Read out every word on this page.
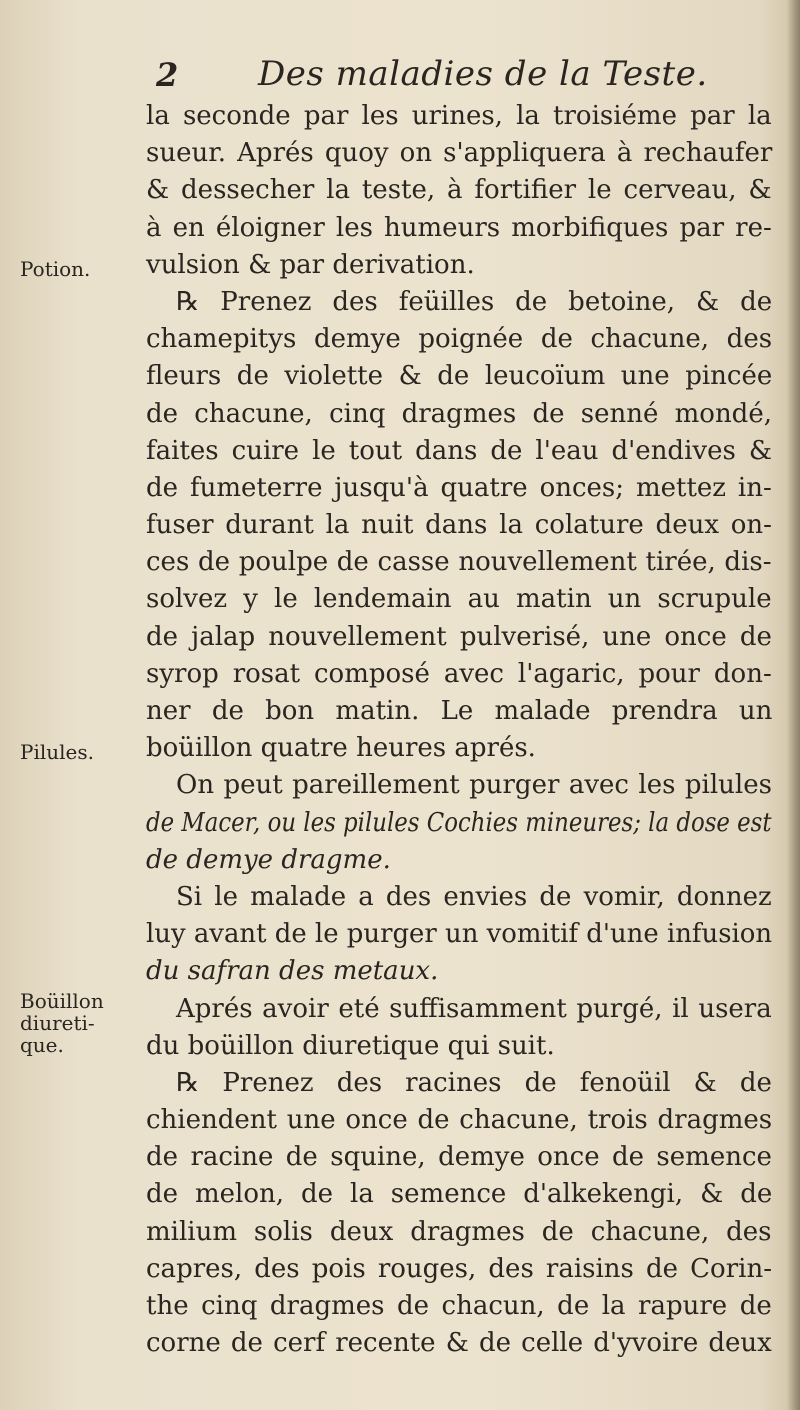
2 Des maladies de la Teste.
Potion.
Pilules.
Boüillon
diureti-
que.
la seconde par les urines, la troisiéme par la
sueur. Aprés quoy on s'appliquera à rechaufer
& dessecher la teste, à fortifier le cerveau, &
à en éloigner les humeurs morbifiques par re-
vulsion & par derivation.
℞ Prenez des feüilles de betoine, & de
chamepitys demye poignée de chacune, des
fleurs de violette & de leucoïum une pincée
de chacune, cinq dragmes de senné mondé,
faites cuire le tout dans de l'eau d'endives &
de fumeterre jusqu'à quatre onces; mettez in-
fuser durant la nuit dans la colature deux on-
ces de poulpe de casse nouvellement tirée, dis-
solvez y le lendemain au matin un scrupule
de jalap nouvellement pulverisé, une once de
syrop rosat composé avec l'agaric, pour don-
ner de bon matin. Le malade prendra un
boüillon quatre heures aprés.
On peut pareillement purger avec les pilules
de Macer, ou les pilules Cochies mineures; la dose est
de demye dragme.
Si le malade a des envies de vomir, donnez
luy avant de le purger un vomitif d'une infusion
du safran des metaux.
Aprés avoir eté suffisamment purgé, il usera
du boüillon diuretique qui suit.
℞ Prenez des racines de fenoüil & de
chiendent une once de chacune, trois dragmes
de racine de squine, demye once de semence
de melon, de la semence d'alkekengi, & de
milium solis deux dragmes de chacune, des
capres, des pois rouges, des raisins de Corin-
the cinq dragmes de chacun, de la rapure de
corne de cerf recente & de celle d'yvoire deux
